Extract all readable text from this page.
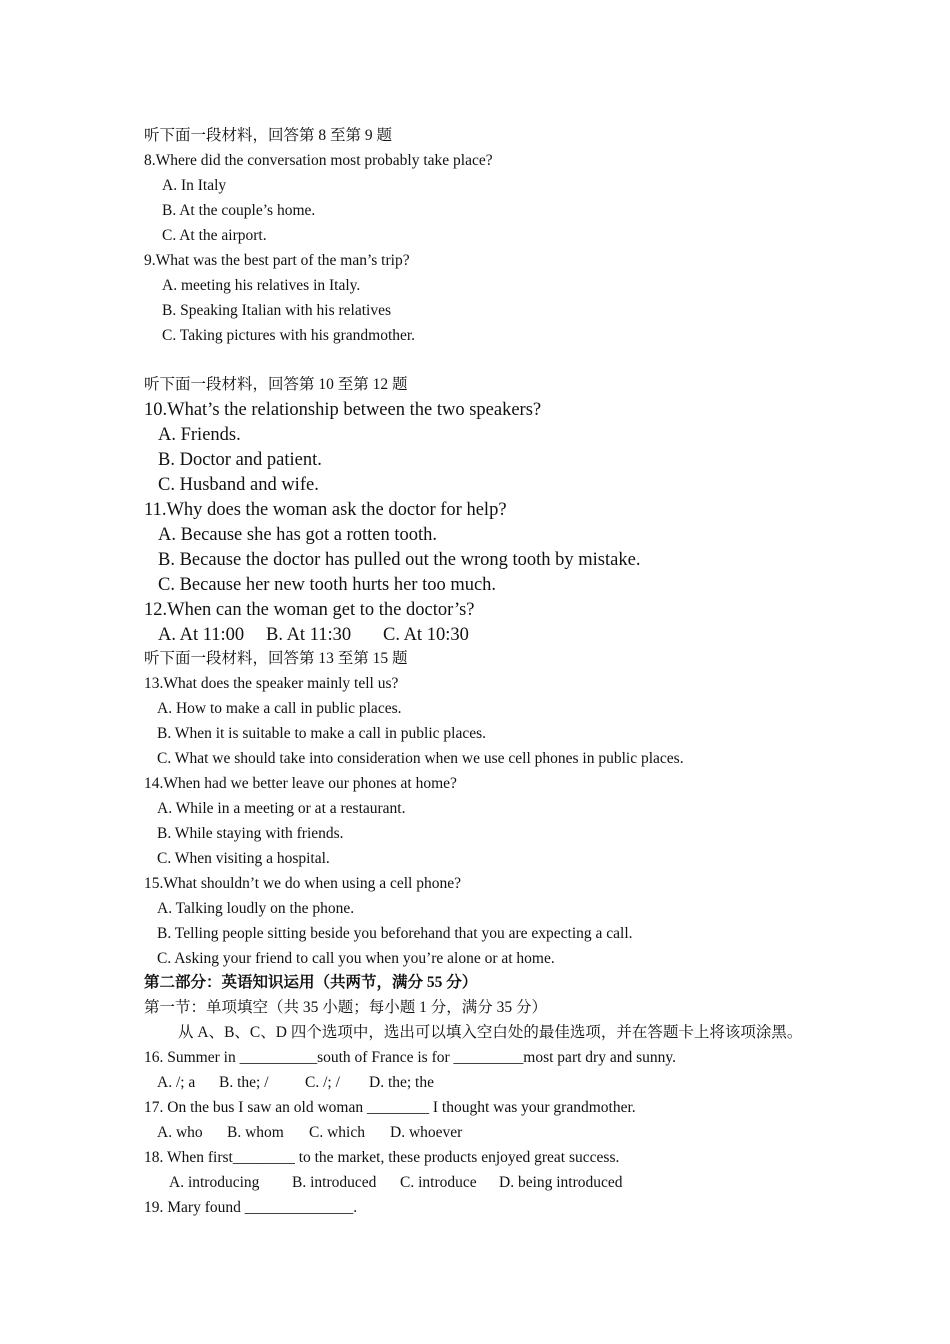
听下面一段材料，回答第 8 至第 9 题
8.Where did the conversation most probably take place?
A. In Italy
B. At the couple’s home.
C. At the airport.
9.What was the best part of the man’s trip?
A. meeting his relatives in Italy.
B. Speaking Italian with his relatives
C. Taking pictures with his grandmother.
听下面一段材料，回答第 10 至第 12 题
10.What’s the relationship between the two speakers?
A. Friends.
B. Doctor and patient.
C. Husband and wife.
11.Why does the woman ask the doctor for help?
A. Because she has got a rotten tooth.
B. Because the doctor has pulled out the wrong tooth by mistake.
C. Because her new tooth hurts her too much.
12.When can the woman get to the doctor’s?
A. At 11:00 B. At 11:30 C. At 10:30
听下面一段材料，回答第 13 至第 15 题
13.What does the speaker mainly tell us?
A. How to make a call in public places.
B. When it is suitable to make a call in public places.
C. What we should take into consideration when we use cell phones in public places.
14.When had we better leave our phones at home?
A. While in a meeting or at a restaurant.
B. While staying with friends.
C. When visiting a hospital.
15.What shouldn’t we do when using a cell phone?
A. Talking loudly on the phone.
B. Telling people sitting beside you beforehand that you are expecting a call.
C. Asking your friend to call you when you’re alone or at home.
第二部分：英语知识运用（共两节，满分 55 分）
第一节：单项填空（共 35 小题；每小题 1 分，满分 35 分）
从 A、B、C、D 四个选项中，选出可以填入空白处的最佳选项，并在答题卡上将该项涂黑。
16. Summer in __________south of France is for _________most part dry and sunny.
A. /; a B. the; / C. /; / D. the; the
17. On the bus I saw an old woman ________ I thought was your grandmother.
A. who B. whom C. which D. whoever
18. When first________ to the market, these products enjoyed great success.
A. introducing B. introduced C. introduce D. being introduced
19. Mary found ______________.
